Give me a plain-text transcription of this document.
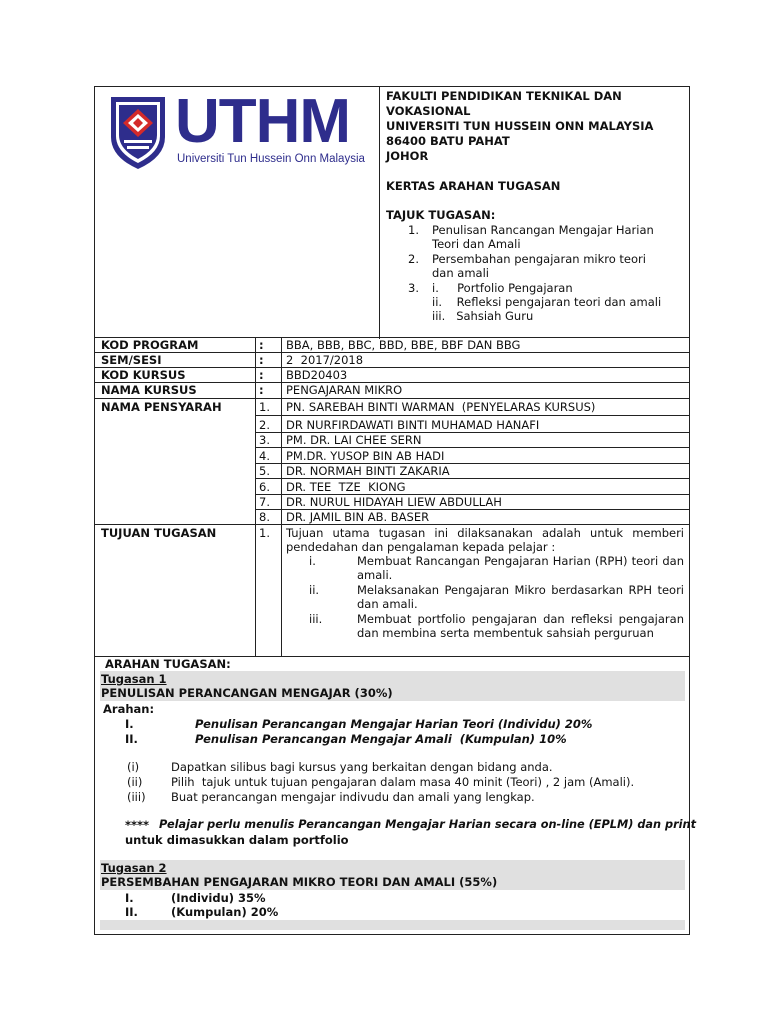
UTHM
Universiti Tun Hussein Onn Malaysia
FAKULTI PENDIDIKAN TEKNIKAL DAN
VOKASIONAL
UNIVERSITI TUN HUSSEIN ONN MALAYSIA
86400 BATU PAHAT
JOHOR
KERTAS ARAHAN TUGASAN
TAJUK TUGASAN:
1. Penulisan Rancangan Mengajar Harian
Teori dan Amali
2. Persembahan pengajaran mikro teori
dan amali
3. i.     Portfolio Pengajaran
ii.    Refleksi pengajaran teori dan amali
iii.   Sahsiah Guru
KOD PROGRAM	: BBA, BBB, BBC, BBD, BBE, BBF DAN BBG
SEM/SESI	: 2  2017/2018
KOD KURSUS	: BBD20403
NAMA KURSUS	: PENGAJARAN MIKRO
NAMA PENSYARAH	1. PN. SAREBAH BINTI WARMAN  (PENYELARAS KURSUS)
2. DR NURFIRDAWATI BINTI MUHAMAD HANAFI
3. PM. DR. LAI CHEE SERN
4. PM.DR. YUSOP BIN AB HADI
5. DR. NORMAH BINTI ZAKARIA
6. DR. TEE  TZE  KIONG
7. DR. NURUL HIDAYAH LIEW ABDULLAH
8. DR. JAMIL BIN AB. BASER
TUJUAN TUGASAN	1. Tujuan utama tugasan ini dilaksanakan adalah untuk memberi pendedahan dan pengalaman kepada pelajar :
i.	Membuat Rancangan Pengajaran Harian (RPH) teori dan amali.
ii.	Melaksanakan Pengajaran Mikro berdasarkan RPH teori dan amali.
iii.	Membuat portfolio pengajaran dan refleksi pengajaran dan membina serta membentuk sahsiah perguruan
ARAHAN TUGASAN:
Tugasan 1
PENULISAN PERANCANGAN MENGAJAR (30%)
Arahan:
I.	Penulisan Perancangan Mengajar Harian Teori (Individu) 20%
II.	Penulisan Perancangan Mengajar Amali  (Kumpulan) 10%
(i)	Dapatkan silibus bagi kursus yang berkaitan dengan bidang anda.
(ii) Pilih  tajuk untuk tujuan pengajaran dalam masa 40 minit (Teori) , 2 jam (Amali).
(iii) Buat perancangan mengajar indivudu dan amali yang lengkap.
**** Pelajar perlu menulis Perancangan Mengajar Harian secara on-line (EPLM) dan print
untuk dimasukkan dalam portfolio
Tugasan 2
PERSEMBAHAN PENGAJARAN MIKRO TEORI DAN AMALI (55%)
I.	(Individu) 35%
II.	(Kumpulan) 20%
